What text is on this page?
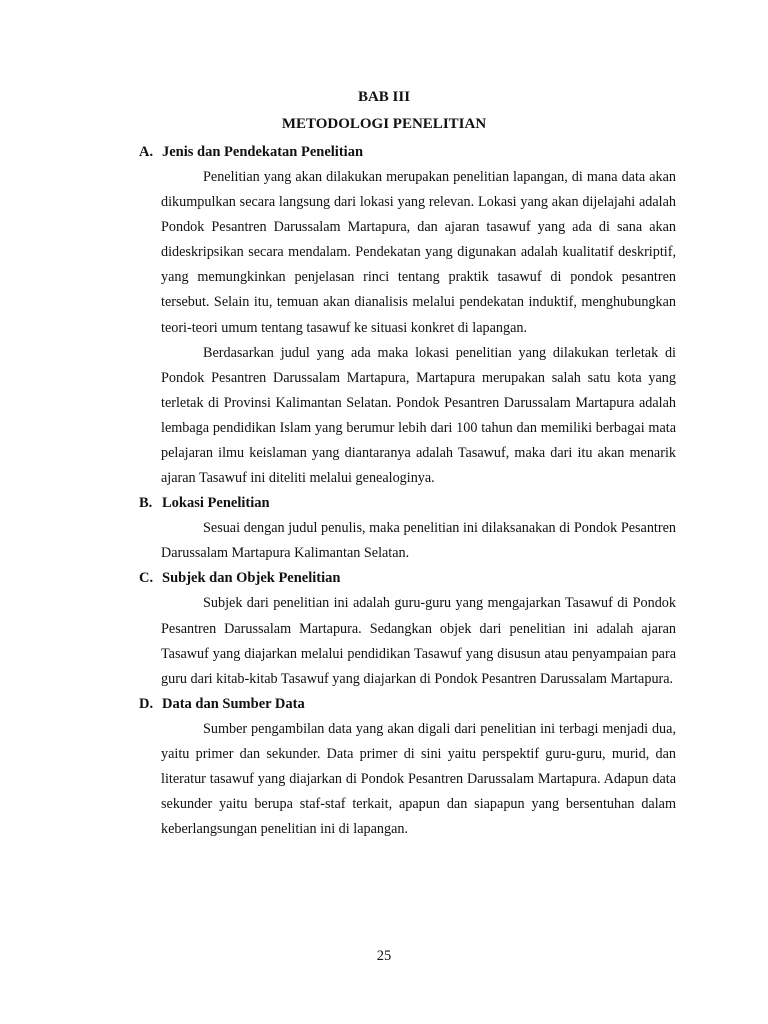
BAB III
METODOLOGI PENELITIAN
A. Jenis dan Pendekatan Penelitian

Penelitian yang akan dilakukan merupakan penelitian lapangan, di mana data akan dikumpulkan secara langsung dari lokasi yang relevan. Lokasi yang akan dijelajahi adalah Pondok Pesantren Darussalam Martapura, dan ajaran tasawuf yang ada di sana akan dideskripsikan secara mendalam. Pendekatan yang digunakan adalah kualitatif deskriptif, yang memungkinkan penjelasan rinci tentang praktik tasawuf di pondok pesantren tersebut. Selain itu, temuan akan dianalisis melalui pendekatan induktif, menghubungkan teori-teori umum tentang tasawuf ke situasi konkret di lapangan.

Berdasarkan judul yang ada maka lokasi penelitian yang dilakukan terletak di Pondok Pesantren Darussalam Martapura, Martapura merupakan salah satu kota yang terletak di Provinsi Kalimantan Selatan. Pondok Pesantren Darussalam Martapura adalah lembaga pendidikan Islam yang berumur lebih dari 100 tahun dan memiliki berbagai mata pelajaran ilmu keislaman yang diantaranya adalah Tasawuf, maka dari itu akan menarik ajaran Tasawuf ini diteliti melalui genealoginya.

B. Lokasi Penelitian

Sesuai dengan judul penulis, maka penelitian ini dilaksanakan di Pondok Pesantren Darussalam Martapura Kalimantan Selatan.

C. Subjek dan Objek Penelitian

Subjek dari penelitian ini adalah guru-guru yang mengajarkan Tasawuf di Pondok Pesantren Darussalam Martapura. Sedangkan objek dari penelitian ini adalah ajaran Tasawuf yang diajarkan melalui pendidikan Tasawuf yang disusun atau penyampaian para guru dari kitab-kitab Tasawuf yang diajarkan di Pondok Pesantren Darussalam Martapura.

D. Data dan Sumber Data

Sumber pengambilan data yang akan digali dari penelitian ini terbagi menjadi dua, yaitu primer dan sekunder. Data primer di sini yaitu perspektif guru-guru, murid, dan literatur tasawuf yang diajarkan di Pondok Pesantren Darussalam Martapura. Adapun data sekunder yaitu berupa staf-staf terkait, apapun dan siapapun yang bersentuhan dalam keberlangsungan penelitian ini di lapangan.

25
